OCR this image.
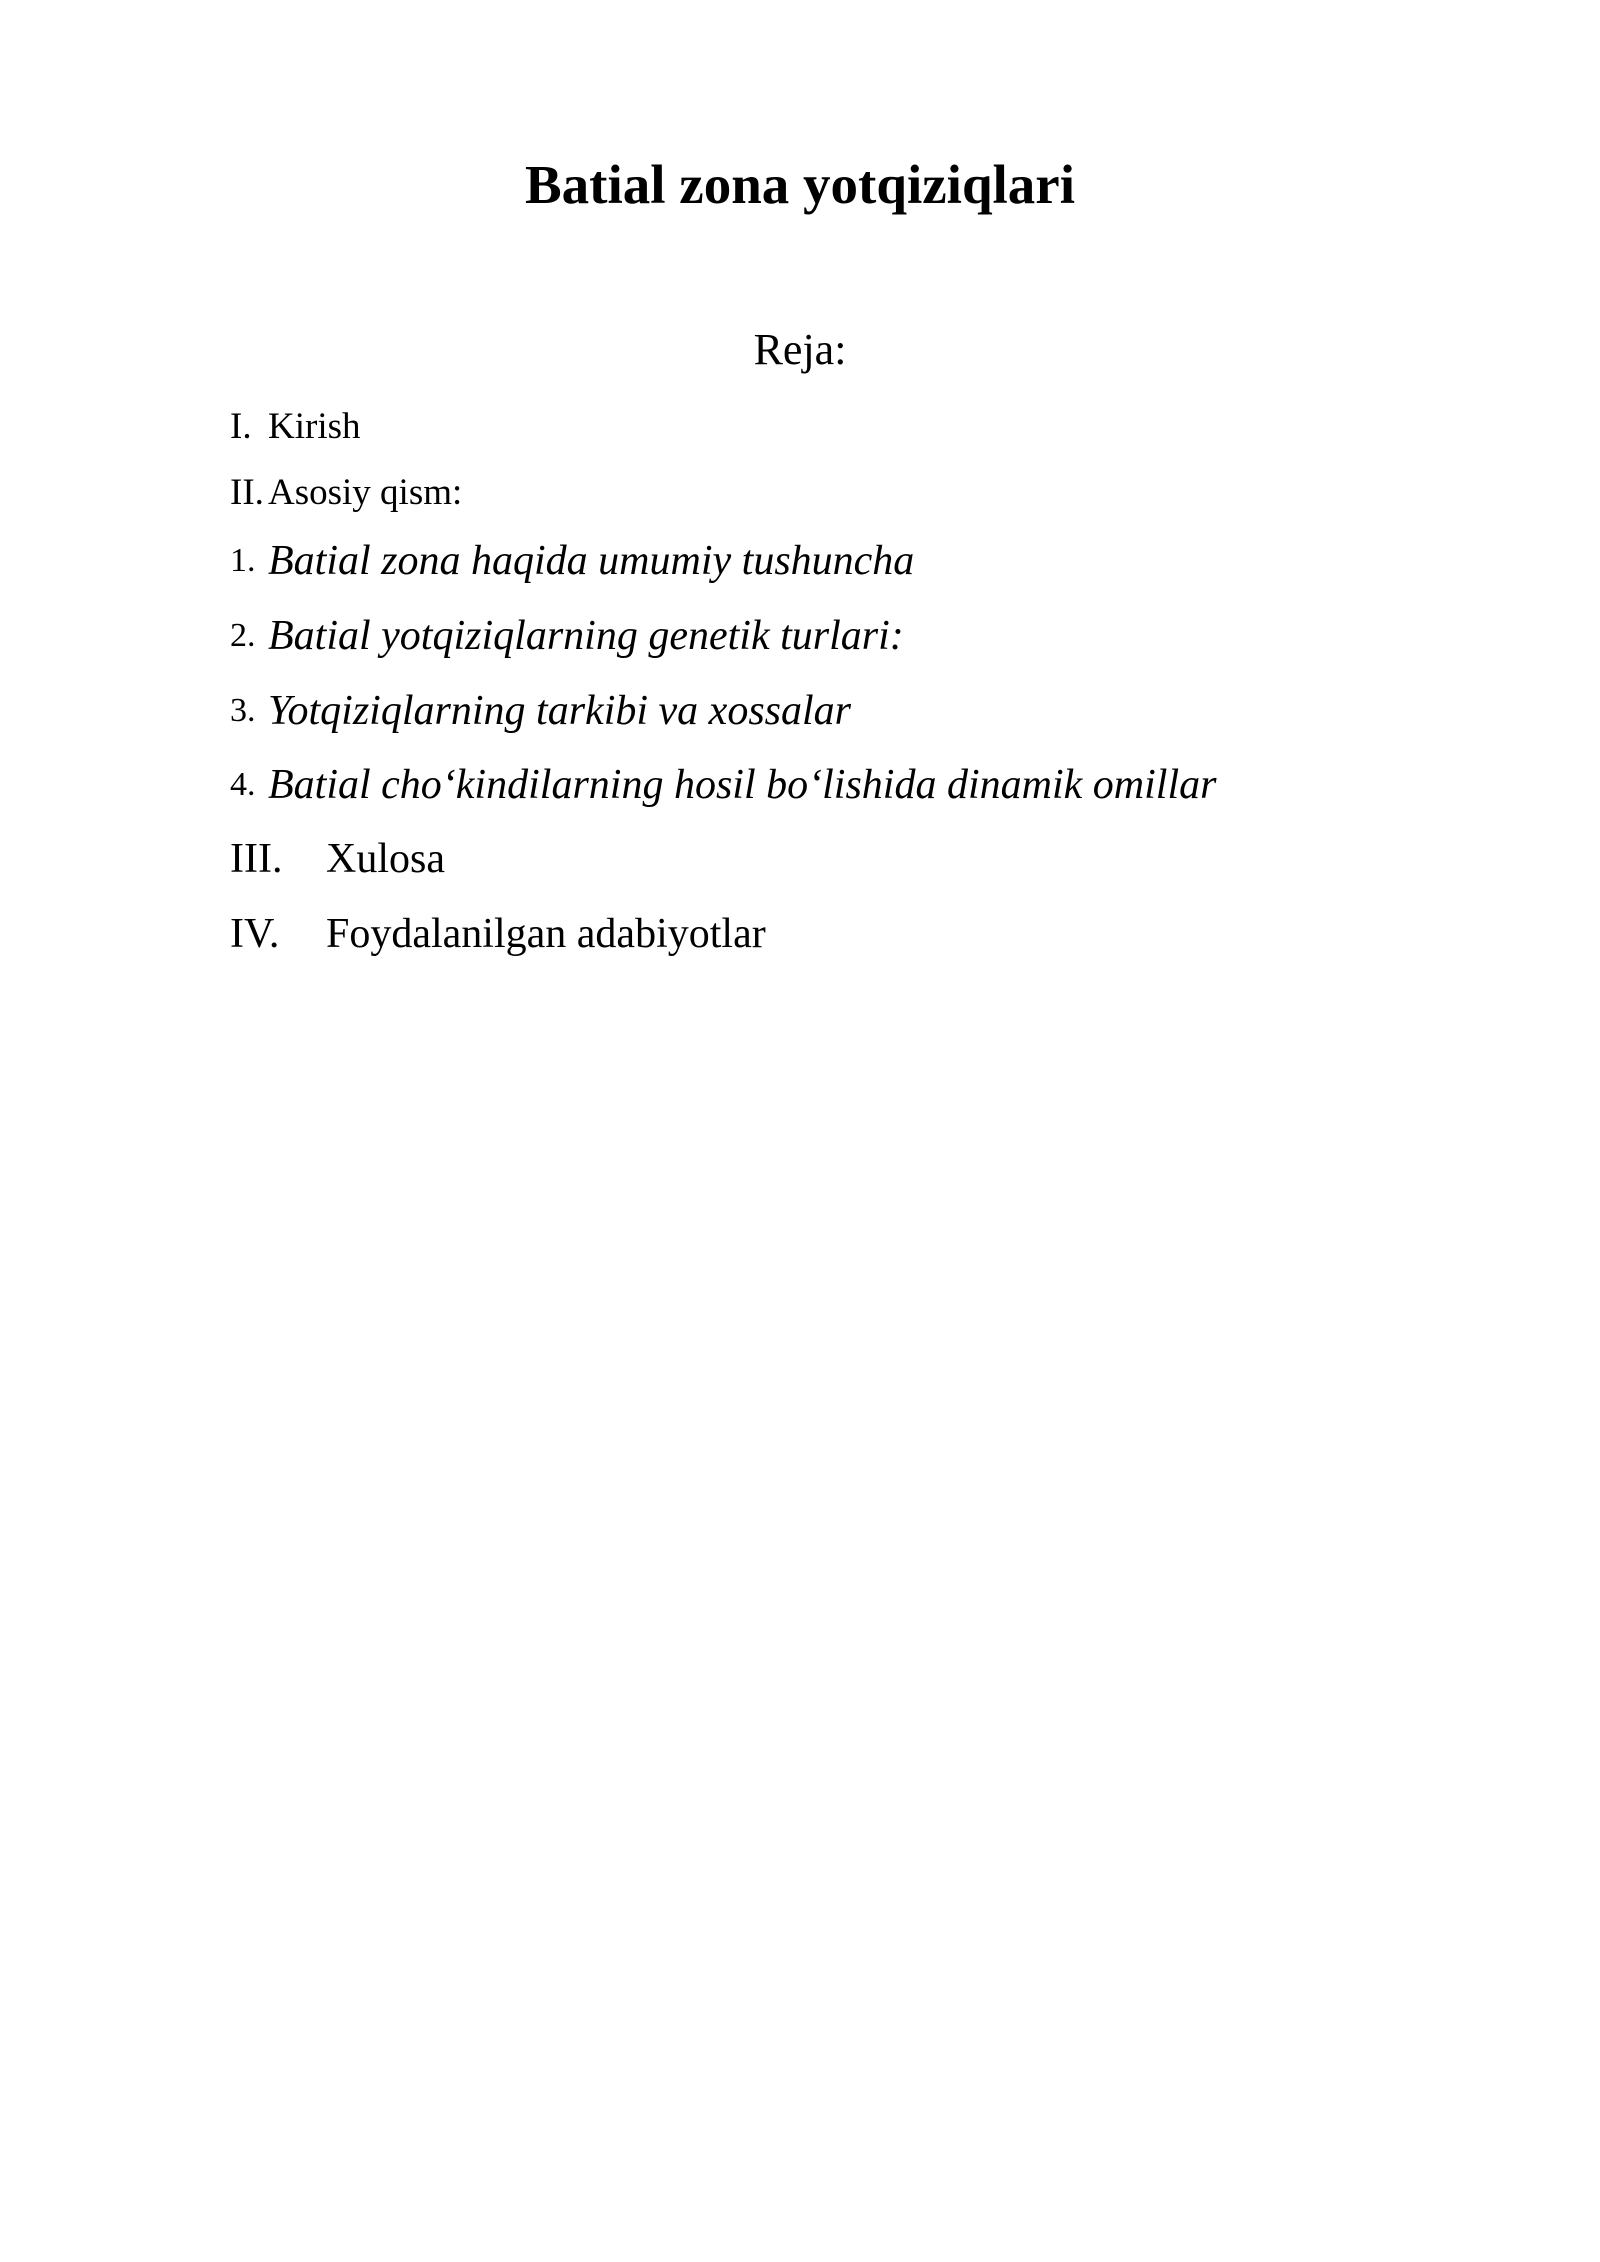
Batial zona yotqiziqlari
Reja:
I. Kirish
II. Asosiy qism:
1. Batial zona haqida umumiy tushuncha
2. Batial yotqiziqlarning genetik turlari:
3. Yotqiziqlarning tarkibi va xossalar
4. Batial cho‘kindilarning hosil bo‘lishida dinamik omillar
III. Xulosa
IV. Foydalanilgan adabiyotlar
